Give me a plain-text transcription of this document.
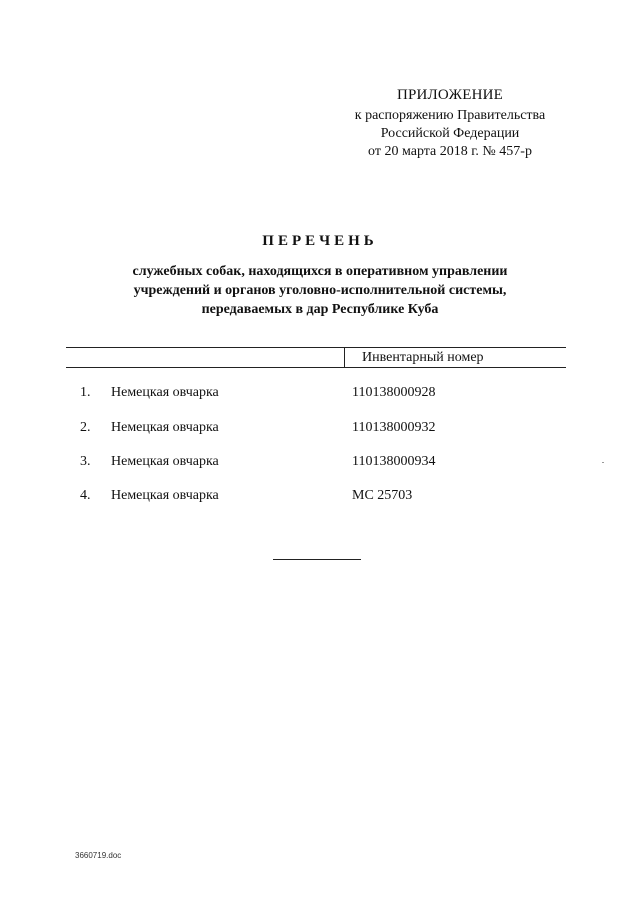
ПРИЛОЖЕНИЕ
к распоряжению Правительства
Российской Федерации
от 20 марта 2018 г. № 457-р
ПЕРЕЧЕНЬ
служебных собак, находящихся в оперативном управлении
учреждений и органов уголовно-исполнительной системы,
передаваемых в дар Республике Куба
Инвентарный номер
1. Немецкая овчарка	110138000928
2. Немецкая овчарка	110138000932
3. Немецкая овчарка	110138000934
4. Немецкая овчарка	МС 25703
3660719.doc
